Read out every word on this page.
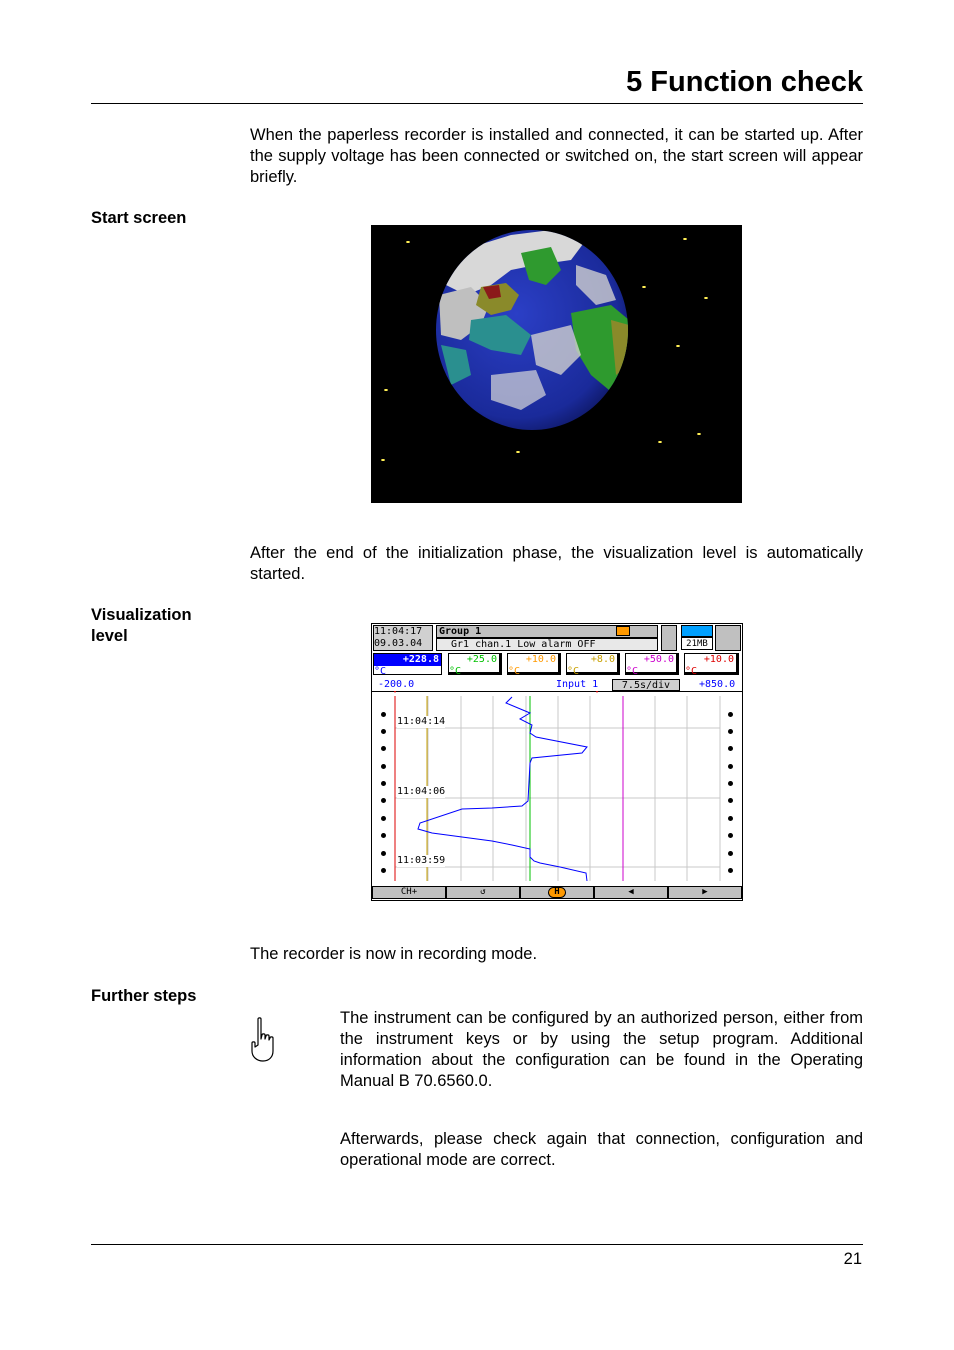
5 Function check

When the paperless recorder is installed and connected, it can be started up. After the supply voltage has been connected or switched on, the start screen will appear briefly.

Start screen

After the end of the initialization phase, the visualization level is automatically started.

Visualization level	11:04:17
09.03.04
Group 1
Gr1 chan.1 Low alarm OFF	21MB
+228.8
°C
+25.0
°C
+10.0
°C
+8.0
°C
+50.0
°C
+10.0
°C
-200.0	Input 1	7.5s/div	+850.0
11:04:14
11:04:06
11:03:59
CH+	↺	H	◀	▶

The recorder is now in recording mode.

Further steps

The instrument can be configured by an authorized person, either from the instrument keys or by using the setup program. Additional information about the configuration can be found in the Operating Manual B 70.6560.0.

Afterwards, please check again that connection, configuration and operational mode are correct.

21
